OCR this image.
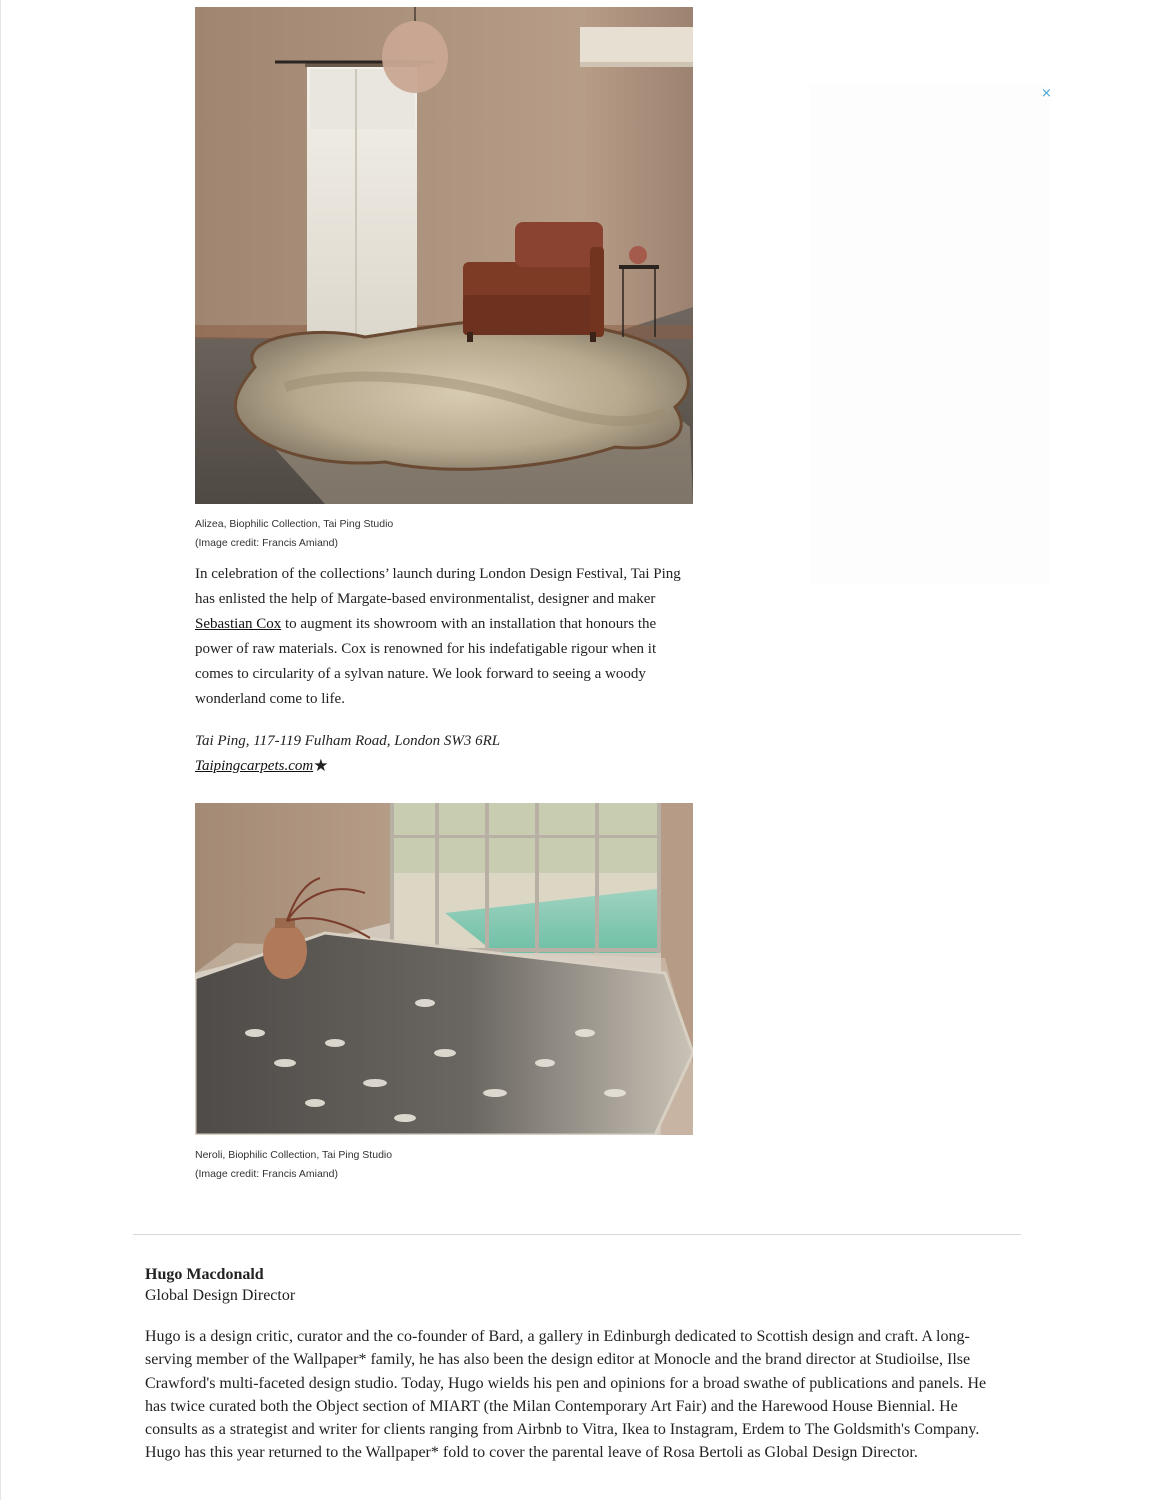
Alizea, Biophilic Collection, Tai Ping Studio
(Image credit: Francis Amiand)
In celebration of the collections’ launch during London Design Festival, Tai Ping has enlisted the help of Margate-based environmentalist, designer and maker Sebastian Cox to augment its showroom with an installation that honours the power of raw materials. Cox is renowned for his indefatigable rigour when it comes to circularity of a sylvan nature. We look forward to seeing a woody wonderland come to life.
Tai Ping, 117-119 Fulham Road, London SW3 6RL
Taipingcarpets.com★
Neroli, Biophilic Collection, Tai Ping Studio
(Image credit: Francis Amiand)
×
Hugo Macdonald
Global Design Director
Hugo is a design critic, curator and the co-founder of Bard, a gallery in Edinburgh dedicated to Scottish design and craft. A long-serving member of the Wallpaper* family, he has also been the design editor at Monocle and the brand director at Studioilse, Ilse Crawford's multi-faceted design studio. Today, Hugo wields his pen and opinions for a broad swathe of publications and panels. He has twice curated both the Object section of MIART (the Milan Contemporary Art Fair) and the Harewood House Biennial. He consults as a strategist and writer for clients ranging from Airbnb to Vitra, Ikea to Instagram, Erdem to The Goldsmith's Company. Hugo has this year returned to the Wallpaper* fold to cover the parental leave of Rosa Bertoli as Global Design Director.
